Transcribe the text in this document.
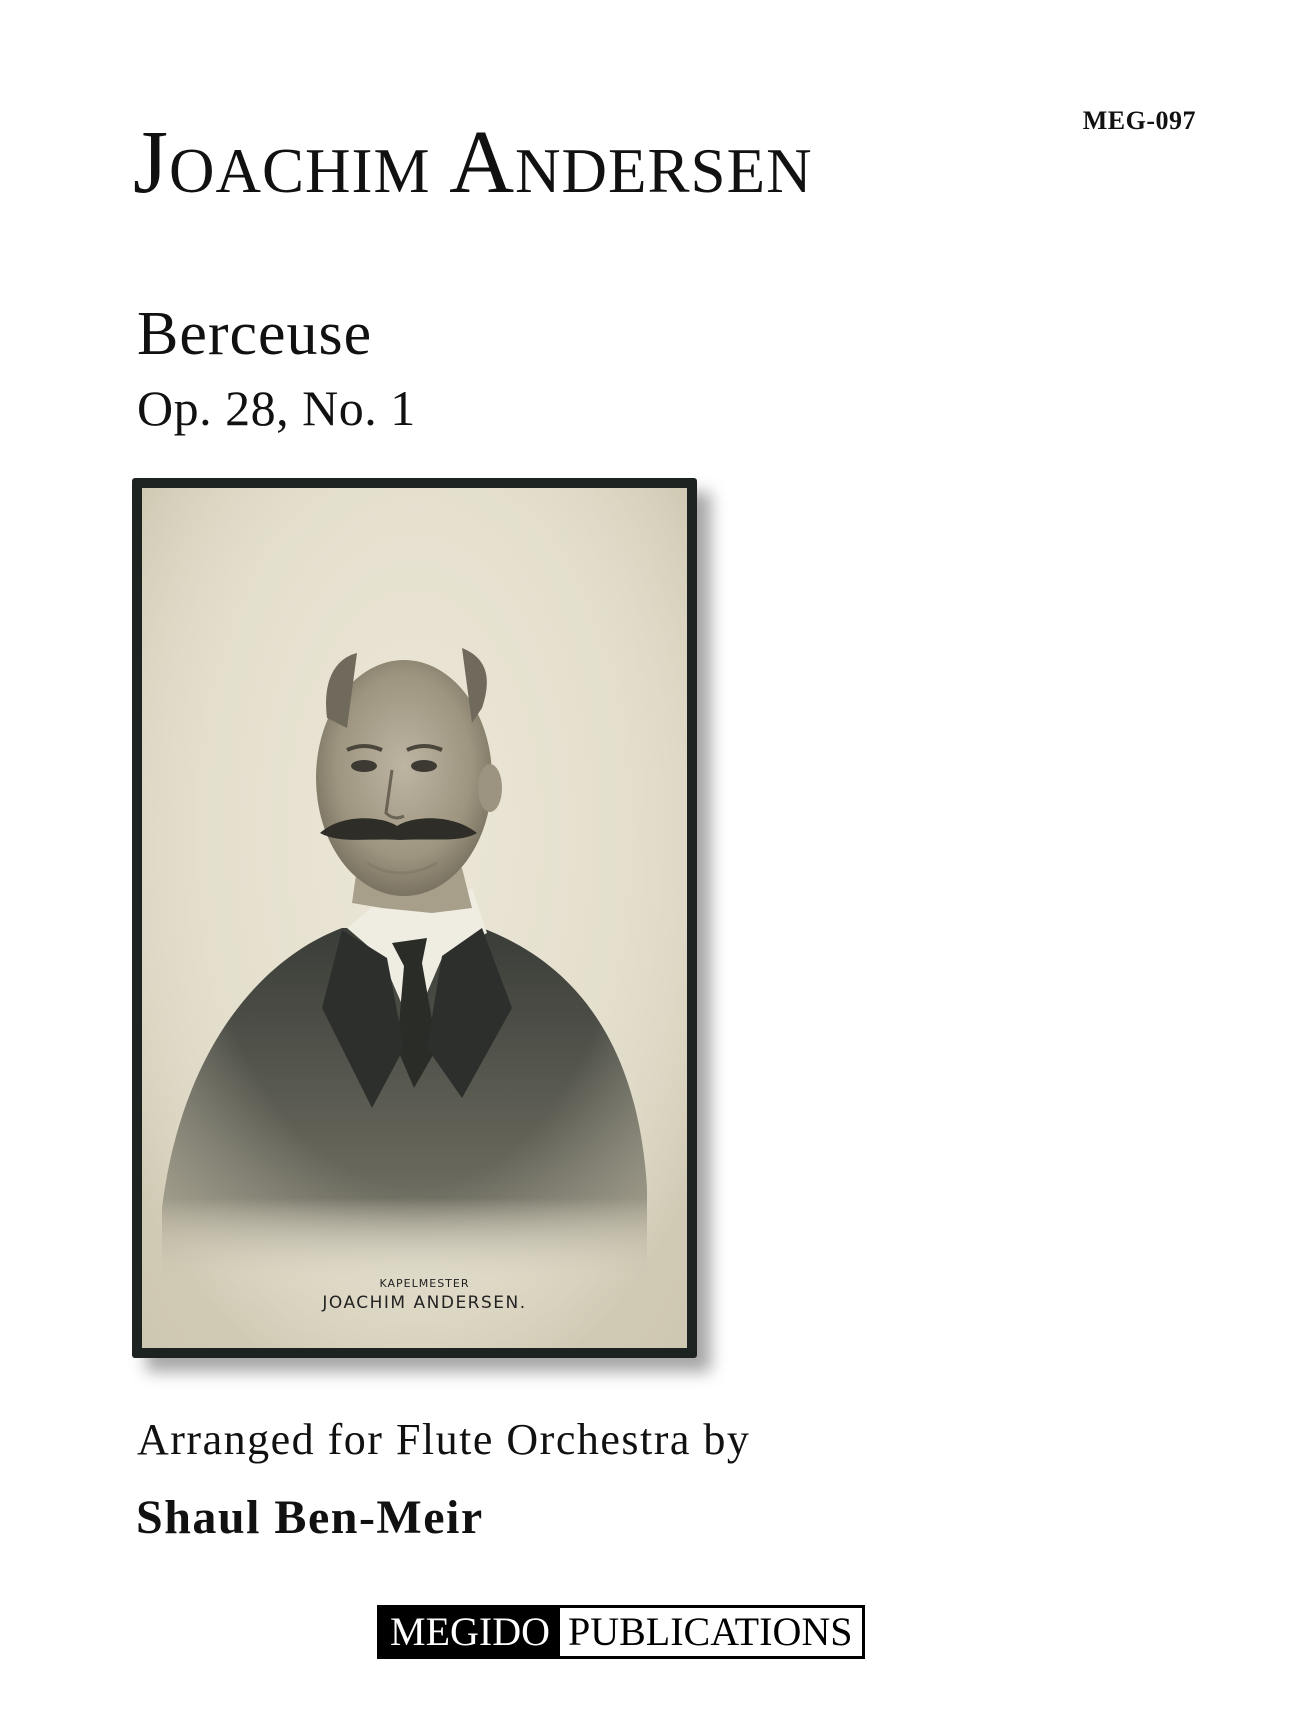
MEG-097
Joachim Andersen
Berceuse
Op. 28, No. 1
KAPELMESTER
JOACHIM ANDERSEN.
Arranged for Flute Orchestra by
Shaul Ben-Meir
MEGIDO PUBLICATIONS
